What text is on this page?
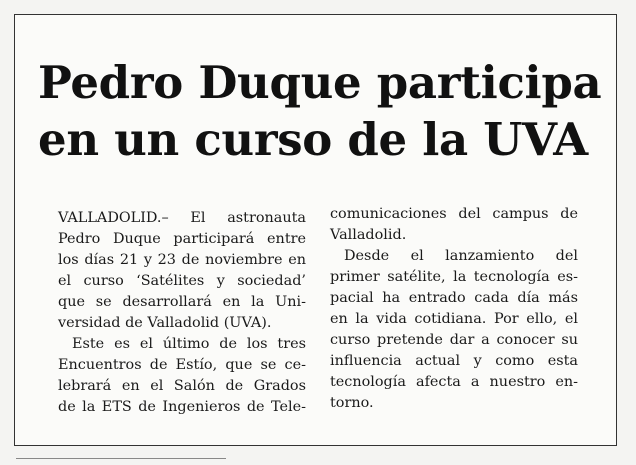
Pedro Duque participa
en un curso de la UVA
VALLADOLID.– El astronauta
Pedro Duque participará entre
los días 21 y 23 de noviembre en
el curso ‘Satélites y sociedad’
que se desarrollará en la Uni-
versidad de Valladolid (UVA).
Este es el último de los tres
Encuentros de Estío, que se ce-
lebrará en el Salón de Grados
de la ETS de Ingenieros de Tele-
comunicaciones del campus de
Valladolid.
Desde el lanzamiento del
primer satélite, la tecnología es-
pacial ha entrado cada día más
en la vida cotidiana. Por ello, el
curso pretende dar a conocer su
influencia actual y como esta
tecnología afecta a nuestro en-
torno.
